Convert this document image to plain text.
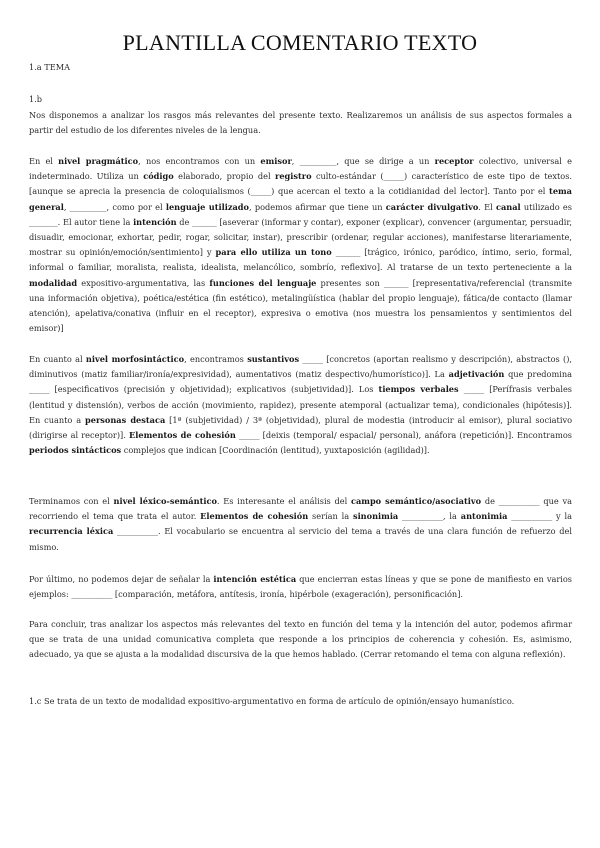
PLANTILLA COMENTARIO TEXTO

1.a TEMA

1.b

Nos disponemos a analizar los rasgos más relevantes del presente texto. Realizaremos un análisis de sus aspectos formales a partir del estudio de los diferentes niveles de la lengua.

En el nivel pragmático, nos encontramos con un emisor, _________, que se dirige a un receptor colectivo, universal e indeterminado. Utiliza un código elaborado, propio del registro culto-estándar (_____) característico de este tipo de textos. [aunque se aprecia la presencia de coloquialismos (_____) que acercan el texto a la cotidianidad del lector]. Tanto por el tema general, _________, como por el lenguaje utilizado, podemos afirmar que tiene un carácter divulgativo. El canal utilizado es _______. El autor tiene la intención de ______ [aseverar (informar y contar), exponer (explicar), convencer (argumentar, persuadir, disuadir, emocionar, exhortar, pedir, rogar, solicitar, instar), prescribir (ordenar, regular acciones), manifestarse literariamente, mostrar su opinión/emoción/sentimiento] y para ello utiliza un tono ______ [trágico, irónico, paródico, íntimo, serio, formal, informal o familiar, moralista, realista, idealista, melancólico, sombrío, reflexivo]. Al tratarse de un texto perteneciente a la modalidad expositivo-argumentativa, las funciones del lenguaje presentes son ______ [representativa/referencial (transmite una información objetiva), poética/estética (fin estético), metalingüística (hablar del propio lenguaje), fática/de contacto (llamar atención), apelativa/conativa (influir en el receptor), expresiva o emotiva (nos muestra los pensamientos y sentimientos del emisor)]

En cuanto al nivel morfosintáctico, encontramos sustantivos _____ [concretos (aportan realismo y descripción), abstractos (), diminutivos (matiz familiar/ironía/expresividad), aumentativos (matiz despectivo/humorístico)]. La adjetivación que predomina _____ [especificativos (precisión y objetividad); explicativos (subjetividad)]. Los tiempos verbales _____ [Perífrasis verbales (lentitud y distensión), verbos de acción (movimiento, rapidez), presente atemporal (actualizar tema), condicionales (hipótesis)]. En cuanto a personas destaca [1ª (subjetividad) / 3ª (objetividad), plural de modestia (introducir al emisor), plural sociativo (dirigirse al receptor)]. Elementos de cohesión _____ [deixis (temporal/ espacial/ personal), anáfora (repetición)]. Encontramos periodos sintácticos complejos que indican [Coordinación (lentitud), yuxtaposición (agilidad)].

Terminamos con el nivel léxico-semántico. Es interesante el análisis del campo semántico/asociativo de __________ que va recorriendo el tema que trata el autor. Elementos de cohesión serían la sinonimia __________, la antonimia __________ y la recurrencia léxica __________. El vocabulario se encuentra al servicio del tema a través de una clara función de refuerzo del mismo.

Por último, no podemos dejar de señalar la intención estética que encierran estas líneas y que se pone de manifiesto en varios ejemplos: __________ [comparación, metáfora, antítesis, ironía, hipérbole (exageración), personificación].

Para concluir, tras analizar los aspectos más relevantes del texto en función del tema y la intención del autor, podemos afirmar que se trata de una unidad comunicativa completa que responde a los principios de coherencia y cohesión. Es, asimismo, adecuado, ya que se ajusta a la modalidad discursiva de la que hemos hablado. (Cerrar retomando el tema con alguna reflexión).

1.c Se trata de un texto de modalidad expositivo-argumentativo en forma de artículo de opinión/ensayo humanístico.
